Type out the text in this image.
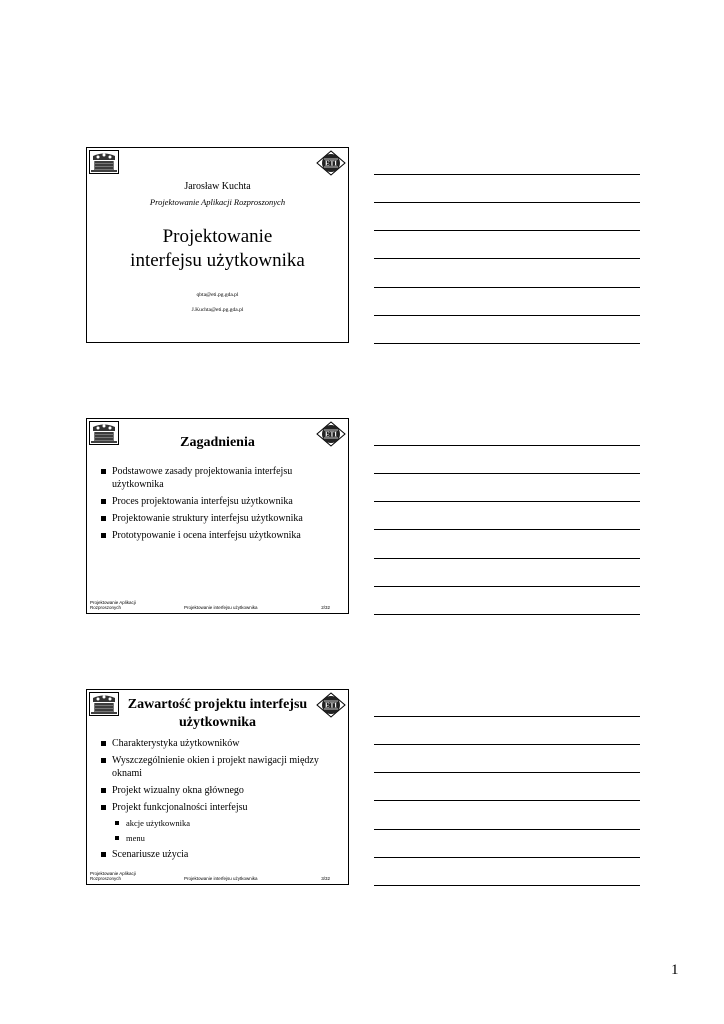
ETI
Jarosław Kuchta
Projektowanie Aplikacji Rozproszonych
Projektowanie
interfejsu użytkownika
qbta@eti.pg.gda.pl
J.Kuchta@eti.pg.gda.pl
ETI
Zagadnienia
Podstawowe zasady projektowania interfejsu użytkownika
Proces projektowania interfejsu użytkownika
Projektowanie struktury interfejsu użytkownika
Prototypowanie i ocena interfejsu użytkownika
Projektowanie Aplikacji
Rozproszonych	Projektowanie interfejsu użytkownika	2/32
ETI
Zawartość projektu interfejsu użytkownika
Charakterystyka użytkowników
Wyszczególnienie okien i projekt nawigacji między oknami
Projekt wizualny okna głównego
Projekt funkcjonalności interfejsu
akcje użytkownika
menu
Scenariusze użycia
Projektowanie Aplikacji
Rozproszonych	Projektowanie interfejsu użytkownika	3/32
1
